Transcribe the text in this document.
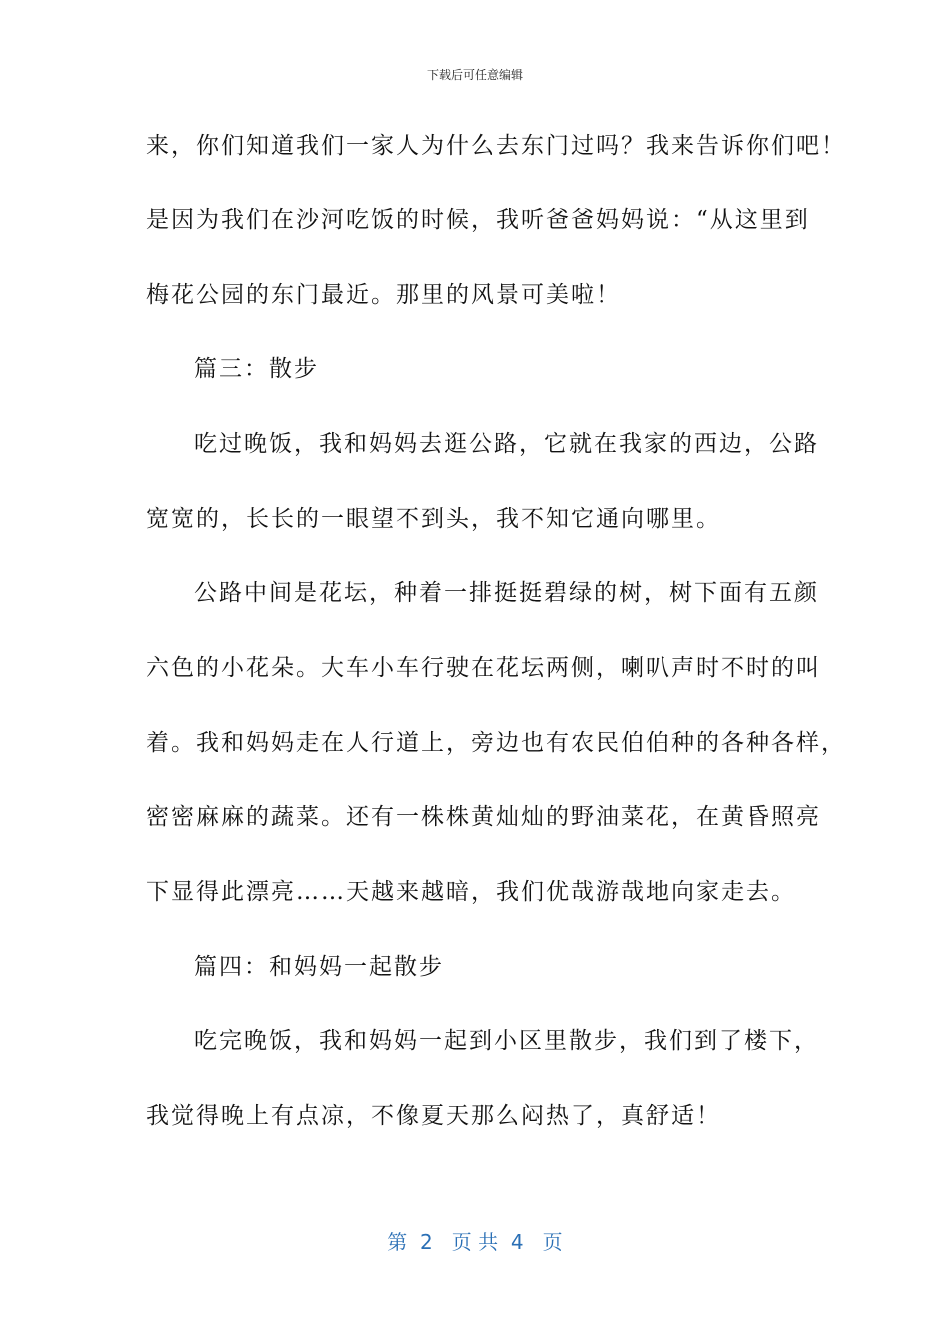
下载后可任意编辑
来，你们知道我们一家人为什么去东门过吗？我来告诉你们吧！
是因为我们在沙河吃饭的时候，我听爸爸妈妈说：“从这里到
梅花公园的东门最近。那里的风景可美啦！
篇三：散步
吃过晚饭，我和妈妈去逛公路，它就在我家的西边，公路
宽宽的，长长的一眼望不到头，我不知它通向哪里。
公路中间是花坛，种着一排挺挺碧绿的树，树下面有五颜
六色的小花朵。大车小车行驶在花坛两侧，喇叭声时不时的叫
着。我和妈妈走在人行道上，旁边也有农民伯伯种的各种各样，
密密麻麻的蔬菜。还有一株株黄灿灿的野油菜花，在黄昏照亮
下显得此漂亮……天越来越暗，我们优哉游哉地向家走去。
篇四：和妈妈一起散步
吃完晚饭，我和妈妈一起到小区里散步，我们到了楼下，
我觉得晚上有点凉，不像夏天那么闷热了，真舒适！
第  2   页 共  4   页
